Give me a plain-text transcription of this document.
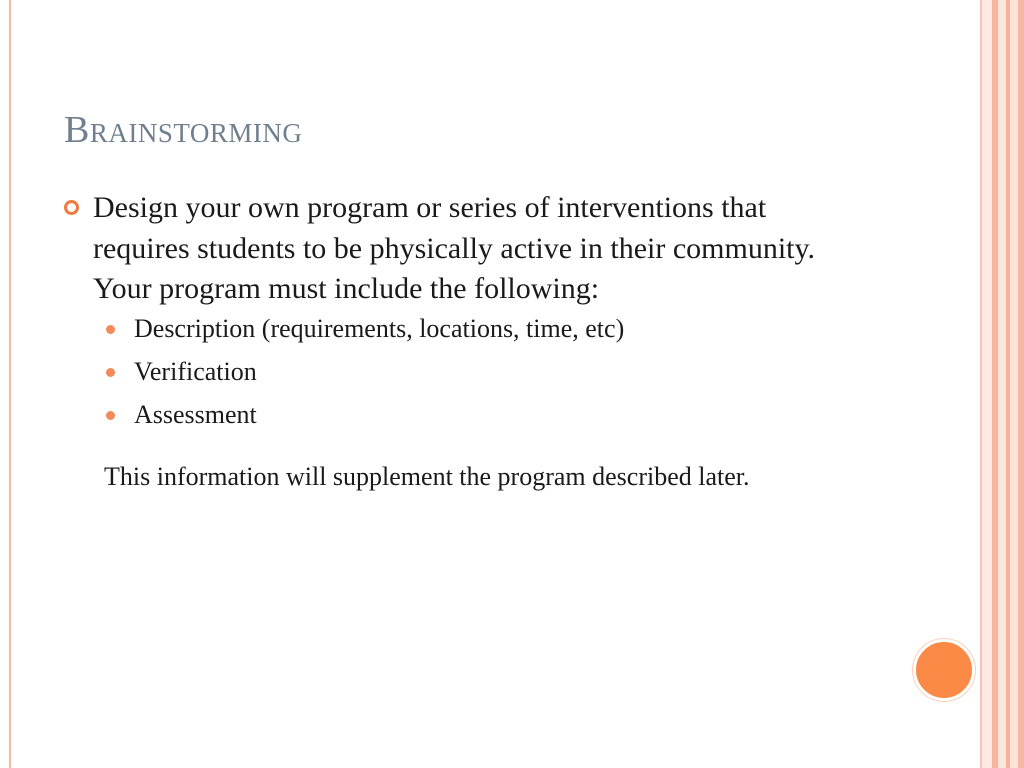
Brainstorming
Design your own program or series of interventions that requires students to be physically active in their community.   Your program must include the following:
Description (requirements, locations, time, etc)
Verification
Assessment
This information will supplement the program described later.
